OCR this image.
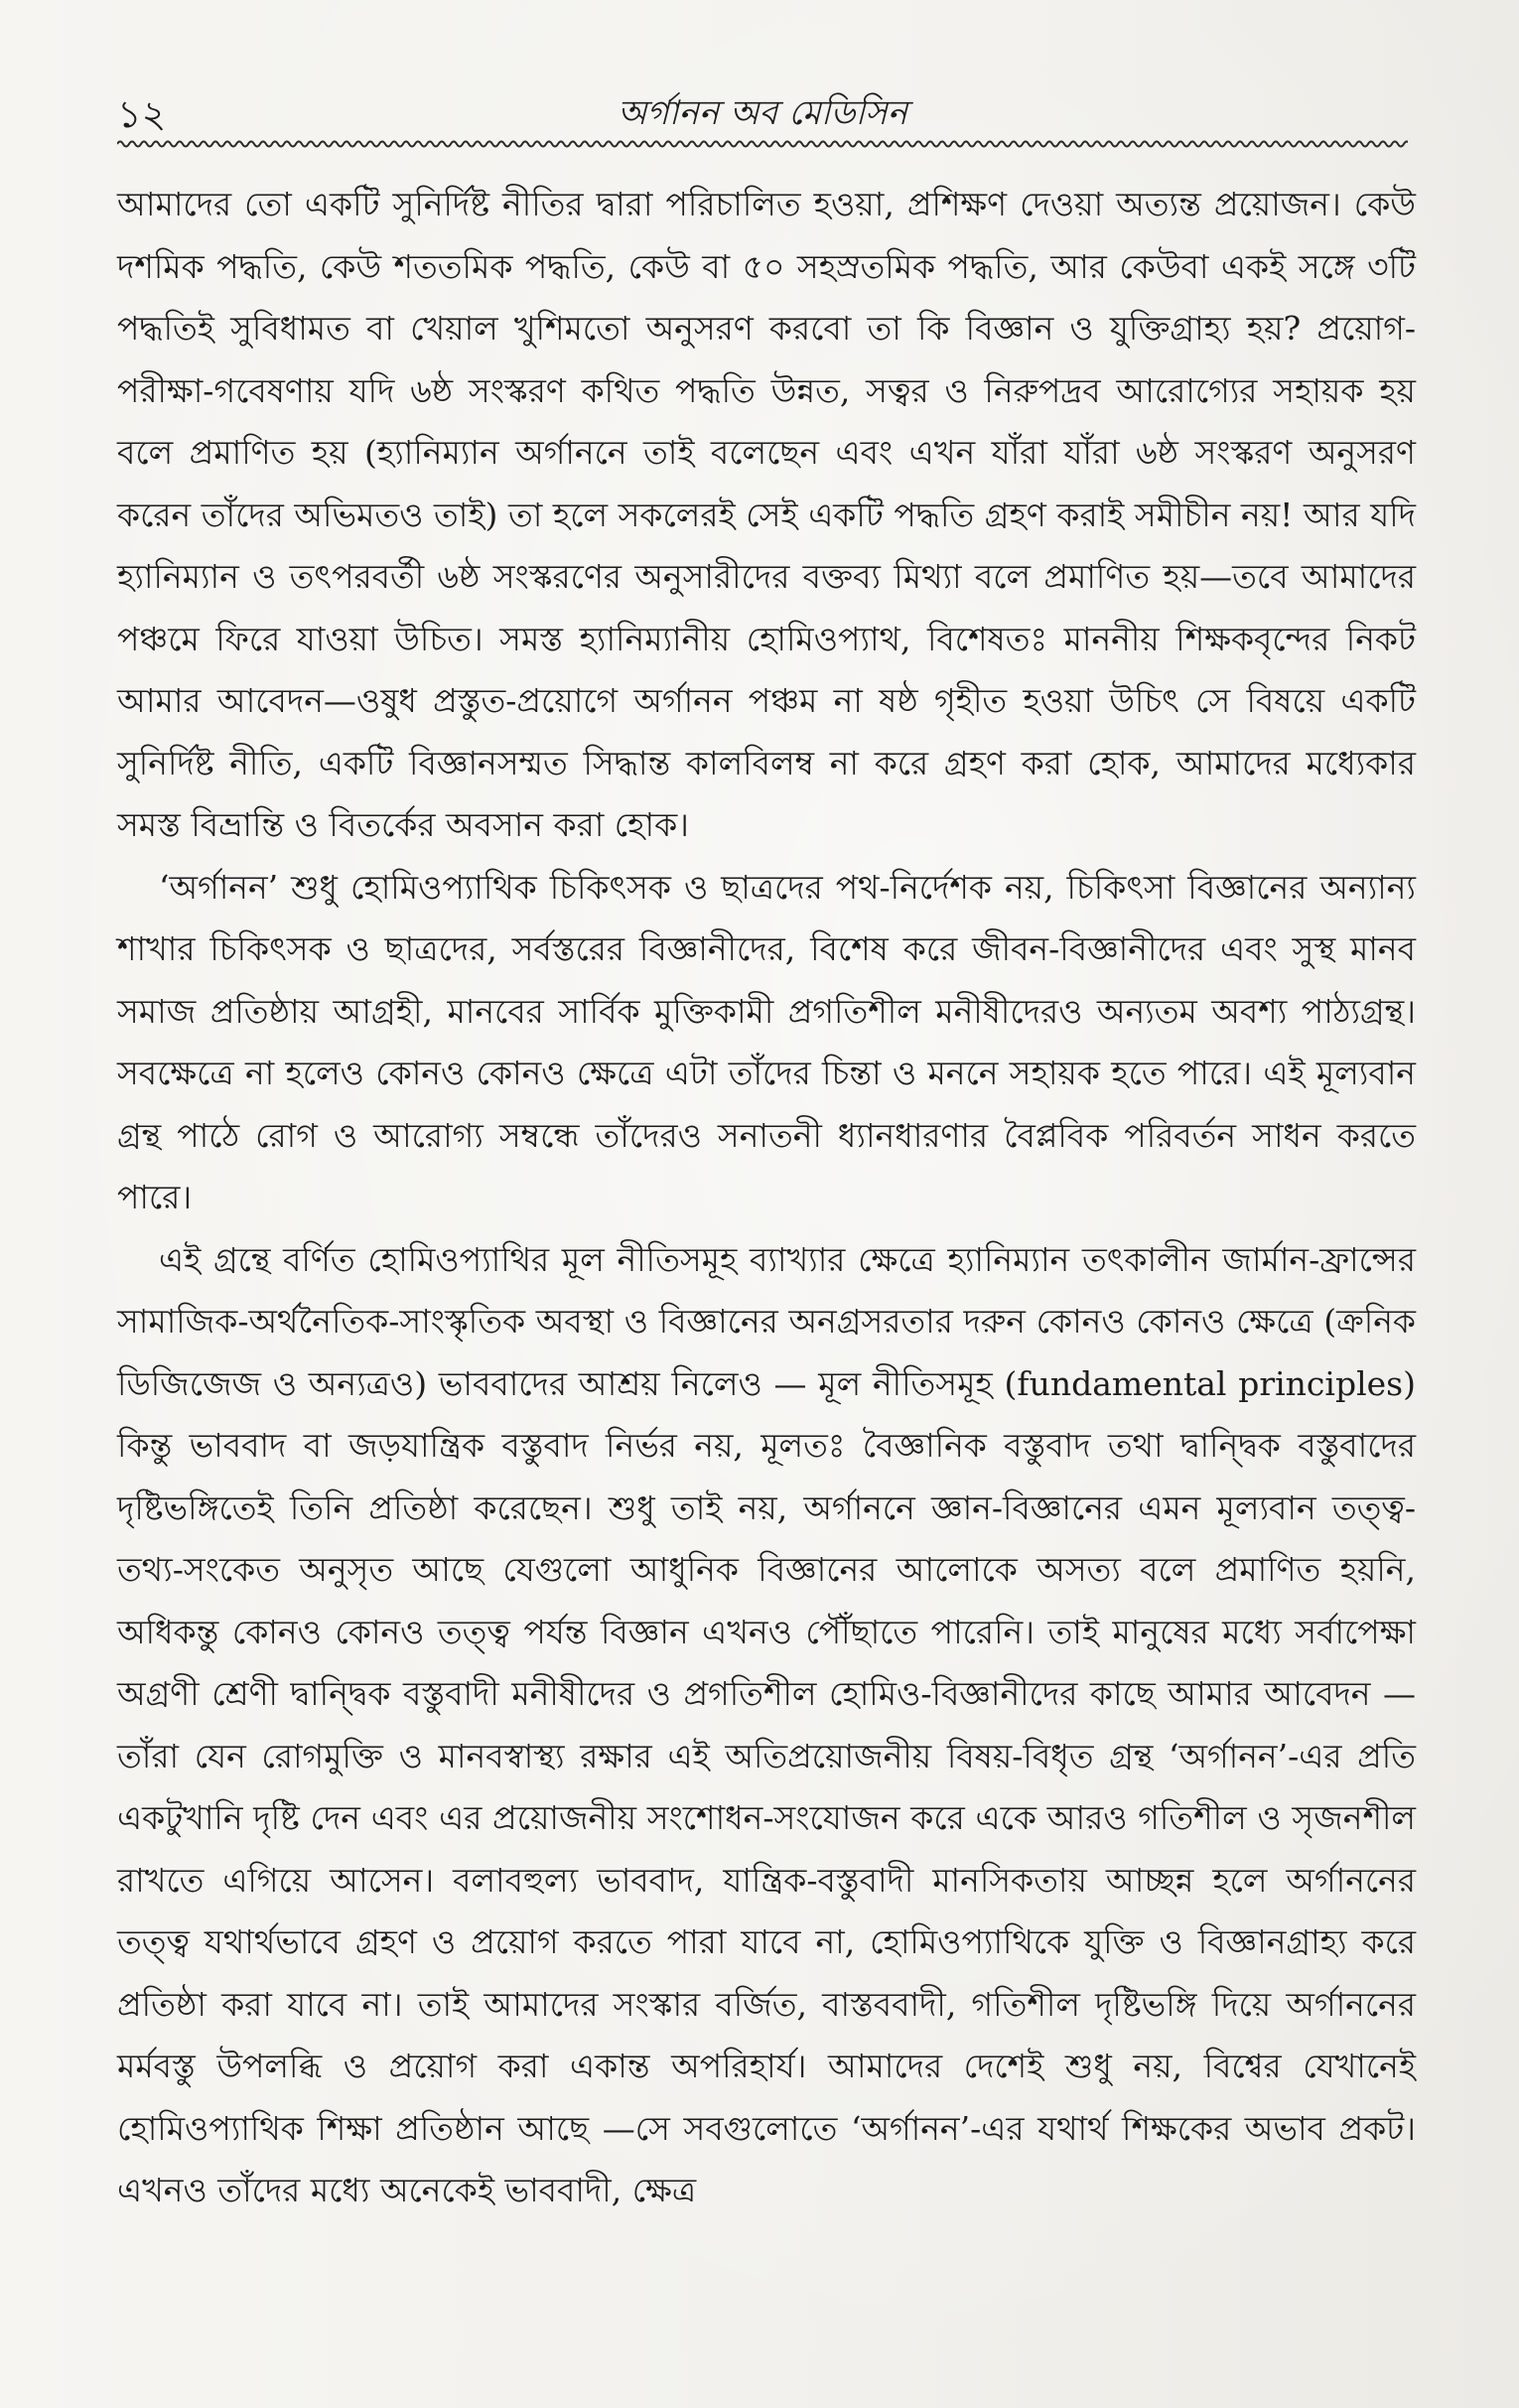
১২	অর্গানন অব মেডিসিন

আমাদের তো একটি সুনির্দিষ্ট নীতির দ্বারা পরিচালিত হওয়া, প্রশিক্ষণ দেওয়া অত্যন্ত প্রয়োজন। কেউ দশমিক পদ্ধতি, কেউ শততমিক পদ্ধতি, কেউ বা ৫০ সহস্রতমিক পদ্ধতি, আর কেউবা একই সঙ্গে ৩টি পদ্ধতিই সুবিধামত বা খেয়াল খুশিমতো অনুসরণ করবো তা কি বিজ্ঞান ও যুক্তিগ্রাহ্য হয়? প্রয়োগ-পরীক্ষা-গবেষণায় যদি ৬ষ্ঠ সংস্করণ কথিত পদ্ধতি উন্নত, সত্বর ও নিরুপদ্রব আরোগ্যের সহায়ক হয় বলে প্রমাণিত হয় (হ্যানিম্যান অর্গাননে তাই বলেছেন এবং এখন যাঁরা যাঁরা ৬ষ্ঠ সংস্করণ অনুসরণ করেন তাঁদের অভিমতও তাই) তা হলে সকলেরই সেই একটি পদ্ধতি গ্রহণ করাই সমীচীন নয়! আর যদি হ্যানিম্যান ও তৎপরবর্তী ৬ষ্ঠ সংস্করণের অনুসারীদের বক্তব্য মিথ্যা বলে প্রমাণিত হয়—তবে আমাদের পঞ্চমে ফিরে যাওয়া উচিত। সমস্ত হ্যানিম্যানীয় হোমিওপ্যাথ, বিশেষতঃ মাননীয় শিক্ষকবৃন্দের নিকট আমার আবেদন—ওষুধ প্রস্তুত-প্রয়োগে অর্গানন পঞ্চম না ষষ্ঠ গৃহীত হওয়া উচিৎ সে বিষয়ে একটি সুনির্দিষ্ট নীতি, একটি বিজ্ঞানসম্মত সিদ্ধান্ত কালবিলম্ব না করে গ্রহণ করা হোক, আমাদের মধ্যেকার সমস্ত বিভ্রান্তি ও বিতর্কের অবসান করা হোক।

‘অর্গানন’ শুধু হোমিওপ্যাথিক চিকিৎসক ও ছাত্রদের পথ-নির্দেশক নয়, চিকিৎসা বিজ্ঞানের অন্যান্য শাখার চিকিৎসক ও ছাত্রদের, সর্বস্তরের বিজ্ঞানীদের, বিশেষ করে জীবন-বিজ্ঞানীদের এবং সুস্থ মানব সমাজ প্রতিষ্ঠায় আগ্রহী, মানবের সার্বিক মুক্তিকামী প্রগতিশীল মনীষীদেরও অন্যতম অবশ্য পাঠ্যগ্রন্থ। সবক্ষেত্রে না হলেও কোনও কোনও ক্ষেত্রে এটা তাঁদের চিন্তা ও মননে সহায়ক হতে পারে। এই মূল্যবান গ্রন্থ পাঠে রোগ ও আরোগ্য সম্বন্ধে তাঁদেরও সনাতনী ধ্যানধারণার বৈপ্লবিক পরিবর্তন সাধন করতে পারে।

এই গ্রন্থে বর্ণিত হোমিওপ্যাথির মূল নীতিসমূহ ব্যাখ্যার ক্ষেত্রে হ্যানিম্যান তৎকালীন জার্মান-ফ্রান্সের সামাজিক-অর্থনৈতিক-সাংস্কৃতিক অবস্থা ও বিজ্ঞানের অনগ্রসরতার দরুন কোনও কোনও ক্ষেত্রে (ক্রনিক ডিজিজেজ ও অন্যত্রও) ভাববাদের আশ্রয় নিলেও — মূল নীতিসমূহ (fundamental principles) কিন্তু ভাববাদ বা জড়যান্ত্রিক বস্তুবাদ নির্ভর নয়, মূলতঃ বৈজ্ঞানিক বস্তুবাদ তথা দ্বান্দ্বিক বস্তুবাদের দৃষ্টিভঙ্গিতেই তিনি প্রতিষ্ঠা করেছেন। শুধু তাই নয়, অর্গাননে জ্ঞান-বিজ্ঞানের এমন মূল্যবান তত্ত্ব-তথ্য-সংকেত অনুসৃত আছে যেগুলো আধুনিক বিজ্ঞানের আলোকে অসত্য বলে প্রমাণিত হয়নি, অধিকন্তু কোনও কোনও তত্ত্ব পর্যন্ত বিজ্ঞান এখনও পৌঁছাতে পারেনি। তাই মানুষের মধ্যে সর্বাপেক্ষা অগ্রণী শ্রেণী দ্বান্দ্বিক বস্তুবাদী মনীষীদের ও প্রগতিশীল হোমিও-বিজ্ঞানীদের কাছে আমার আবেদন — তাঁরা যেন রোগমুক্তি ও মানবস্বাস্থ্য রক্ষার এই অতিপ্রয়োজনীয় বিষয়-বিধৃত গ্রন্থ ‘অর্গানন’-এর প্রতি একটুখানি দৃষ্টি দেন এবং এর প্রয়োজনীয় সংশোধন-সংযোজন করে একে আরও গতিশীল ও সৃজনশীল রাখতে এগিয়ে আসেন। বলাবহুল্য ভাববাদ, যান্ত্রিক-বস্তুবাদী মানসিকতায় আচ্ছন্ন হলে অর্গাননের তত্ত্ব যথার্থভাবে গ্রহণ ও প্রয়োগ করতে পারা যাবে না, হোমিওপ্যাথিকে যুক্তি ও বিজ্ঞানগ্রাহ্য করে প্রতিষ্ঠা করা যাবে না। তাই আমাদের সংস্কার বর্জিত, বাস্তববাদী, গতিশীল দৃষ্টিভঙ্গি দিয়ে অর্গাননের মর্মবস্তু উপলব্ধি ও প্রয়োগ করা একান্ত অপরিহার্য। আমাদের দেশেই শুধু নয়, বিশ্বের যেখানেই হোমিওপ্যাথিক শিক্ষা প্রতিষ্ঠান আছে —সে সবগুলোতে ‘অর্গানন’-এর যথার্থ শিক্ষকের অভাব প্রকট। এখনও তাঁদের মধ্যে অনেকেই ভাববাদী, ক্ষেত্র
